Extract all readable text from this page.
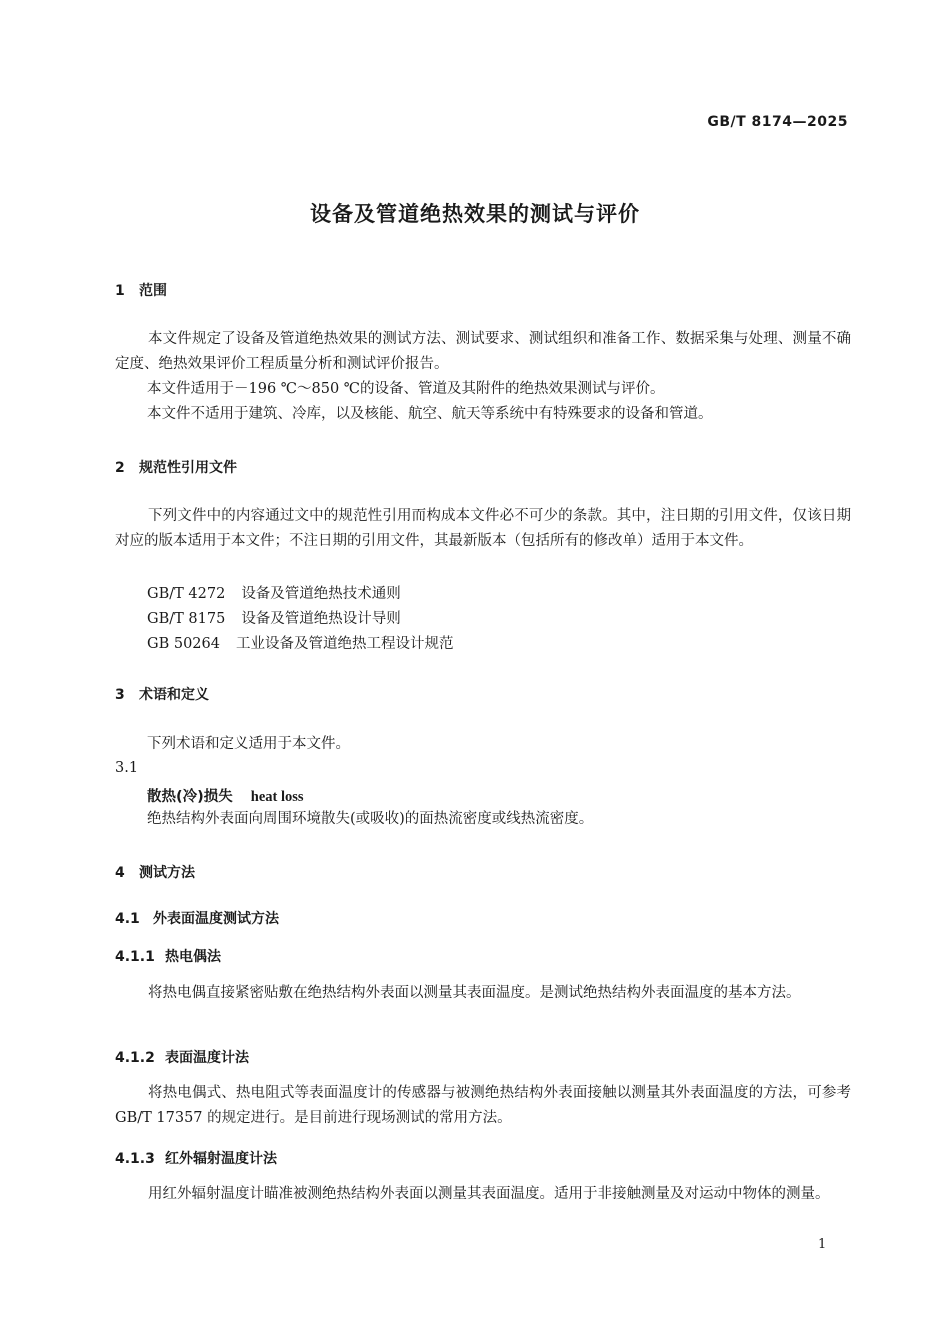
GB/T 8174—2025
设备及管道绝热效果的测试与评价
1 范围
本文件规定了设备及管道绝热效果的测试方法、测试要求、测试组织和准备工作、数据采集与处理、测量不确定度、绝热效果评价工程质量分析和测试评价报告。
本文件适用于－196 ℃～850 ℃的设备、管道及其附件的绝热效果测试与评价。
本文件不适用于建筑、冷库，以及核能、航空、航天等系统中有特殊要求的设备和管道。
2 规范性引用文件
下列文件中的内容通过文中的规范性引用而构成本文件必不可少的条款。其中，注日期的引用文件，仅该日期对应的版本适用于本文件；不注日期的引用文件，其最新版本（包括所有的修改单）适用于本文件。
GB/T 4272 设备及管道绝热技术通则
GB/T 8175 设备及管道绝热设计导则
GB 50264 工业设备及管道绝热工程设计规范
3 术语和定义
下列术语和定义适用于本文件。
3.1
散热(冷)损失 heat loss
绝热结构外表面向周围环境散失(或吸收)的面热流密度或线热流密度。
4 测试方法
4.1 外表面温度测试方法
4.1.1 热电偶法
将热电偶直接紧密贴敷在绝热结构外表面以测量其表面温度。是测试绝热结构外表面温度的基本方法。
4.1.2 表面温度计法
将热电偶式、热电阻式等表面温度计的传感器与被测绝热结构外表面接触以测量其外表面温度的方法，可参考 GB/T 17357 的规定进行。是目前进行现场测试的常用方法。
4.1.3 红外辐射温度计法
用红外辐射温度计瞄准被测绝热结构外表面以测量其表面温度。适用于非接触测量及对运动中物体的测量。
1
